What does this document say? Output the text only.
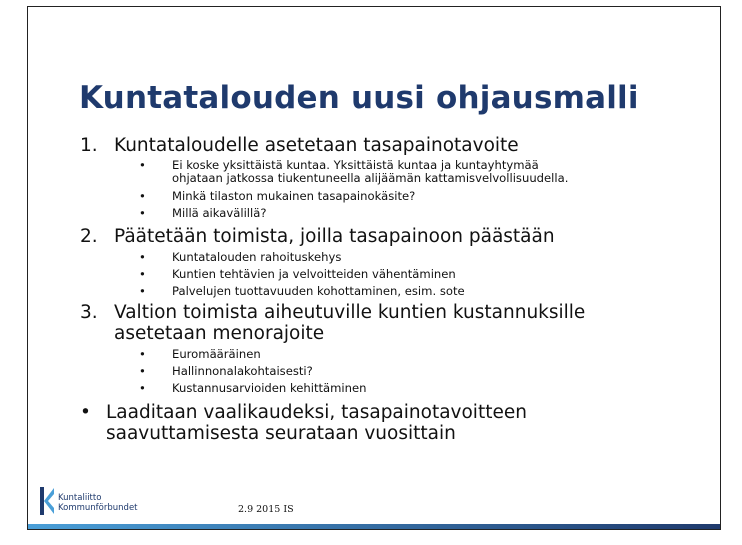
Kuntatalouden uusi ohjausmalli
1. Kuntataloudelle asetetaan tasapainotavoite
• Ei koske yksittäistä kuntaa. Yksittäistä kuntaa ja kuntayhtymää
ohjataan jatkossa tiukentuneella alijäämän kattamisvelvollisuudella.
• Minkä tilaston mukainen tasapainokäsite?
• Millä aikavälillä?
2. Päätetään toimista, joilla tasapainoon päästään
• Kuntatalouden rahoituskehys
• Kuntien tehtävien ja velvoitteiden vähentäminen
• Palvelujen tuottavuuden kohottaminen, esim. sote
3. Valtion toimista aiheutuville kuntien kustannuksille
asetetaan menorajoite
• Euromääräinen
• Hallinnonalakohtaisesti?
• Kustannusarvioiden kehittäminen
• Laaditaan vaalikaudeksi, tasapainotavoitteen
saavuttamisesta seurataan vuosittain
Kuntaliitto
Kommunförbundet	2.9 2015 IS
